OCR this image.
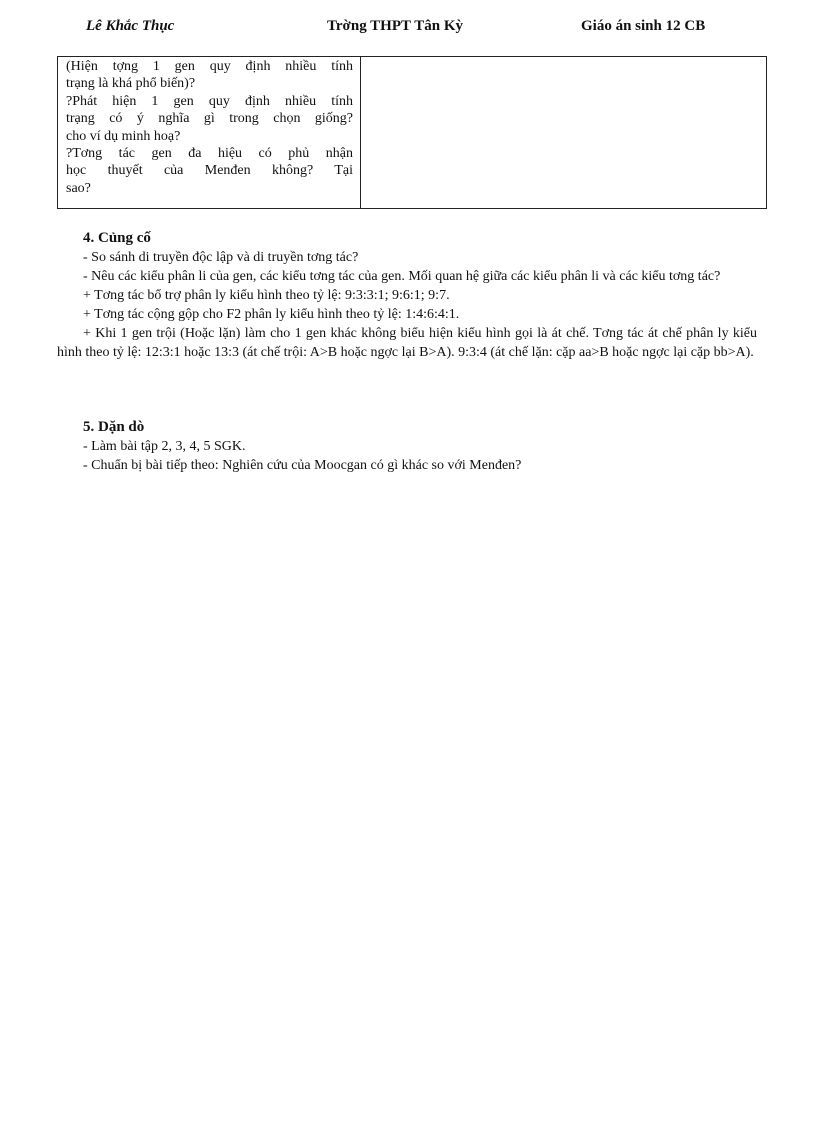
Lê Khắc Thục	Trờng THPT Tân Kỳ	Giáo án sinh 12 CB
(Hiện tợng 1 gen quy định nhiều tính
trạng là khá phổ biến)?
?Phát hiện 1 gen quy định nhiều tính
trạng có ý nghĩa gì trong chọn giống?
cho ví dụ minh hoạ?
?Tơng tác gen đa hiệu có phủ nhận
học thuyết của Menđen không? Tại
sao?

4. Củng cố
- So sánh di truyền độc lập và di truyền tơng tác?
- Nêu các kiểu phân li của gen, các kiểu tơng tác của gen. Mối quan hệ giữa các kiểu phân li và các kiểu tơng tác?
+ Tơng tác bổ trợ phân ly kiểu hình theo tỷ lệ: 9:3:3:1; 9:6:1; 9:7.
+ Tơng tác cộng gộp cho F2 phân ly kiểu hình theo tỷ lệ: 1:4:6:4:1.
+ Khi 1 gen trội (Hoặc lặn) làm cho 1 gen khác không biểu hiện kiểu hình gọi là át chế. Tơng tác át chế phân ly kiểu hình theo tỷ lệ: 12:3:1 hoặc 13:3 (át chế trội: A>B hoặc ngợc lại B>A). 9:3:4 (át chế lặn: cặp aa>B hoặc ngợc lại cặp bb>A).
5. Dặn dò
- Làm bài tập 2, 3, 4, 5 SGK.
- Chuẩn bị bài tiếp theo: Nghiên cứu của Moocgan có gì khác so với Menđen?
